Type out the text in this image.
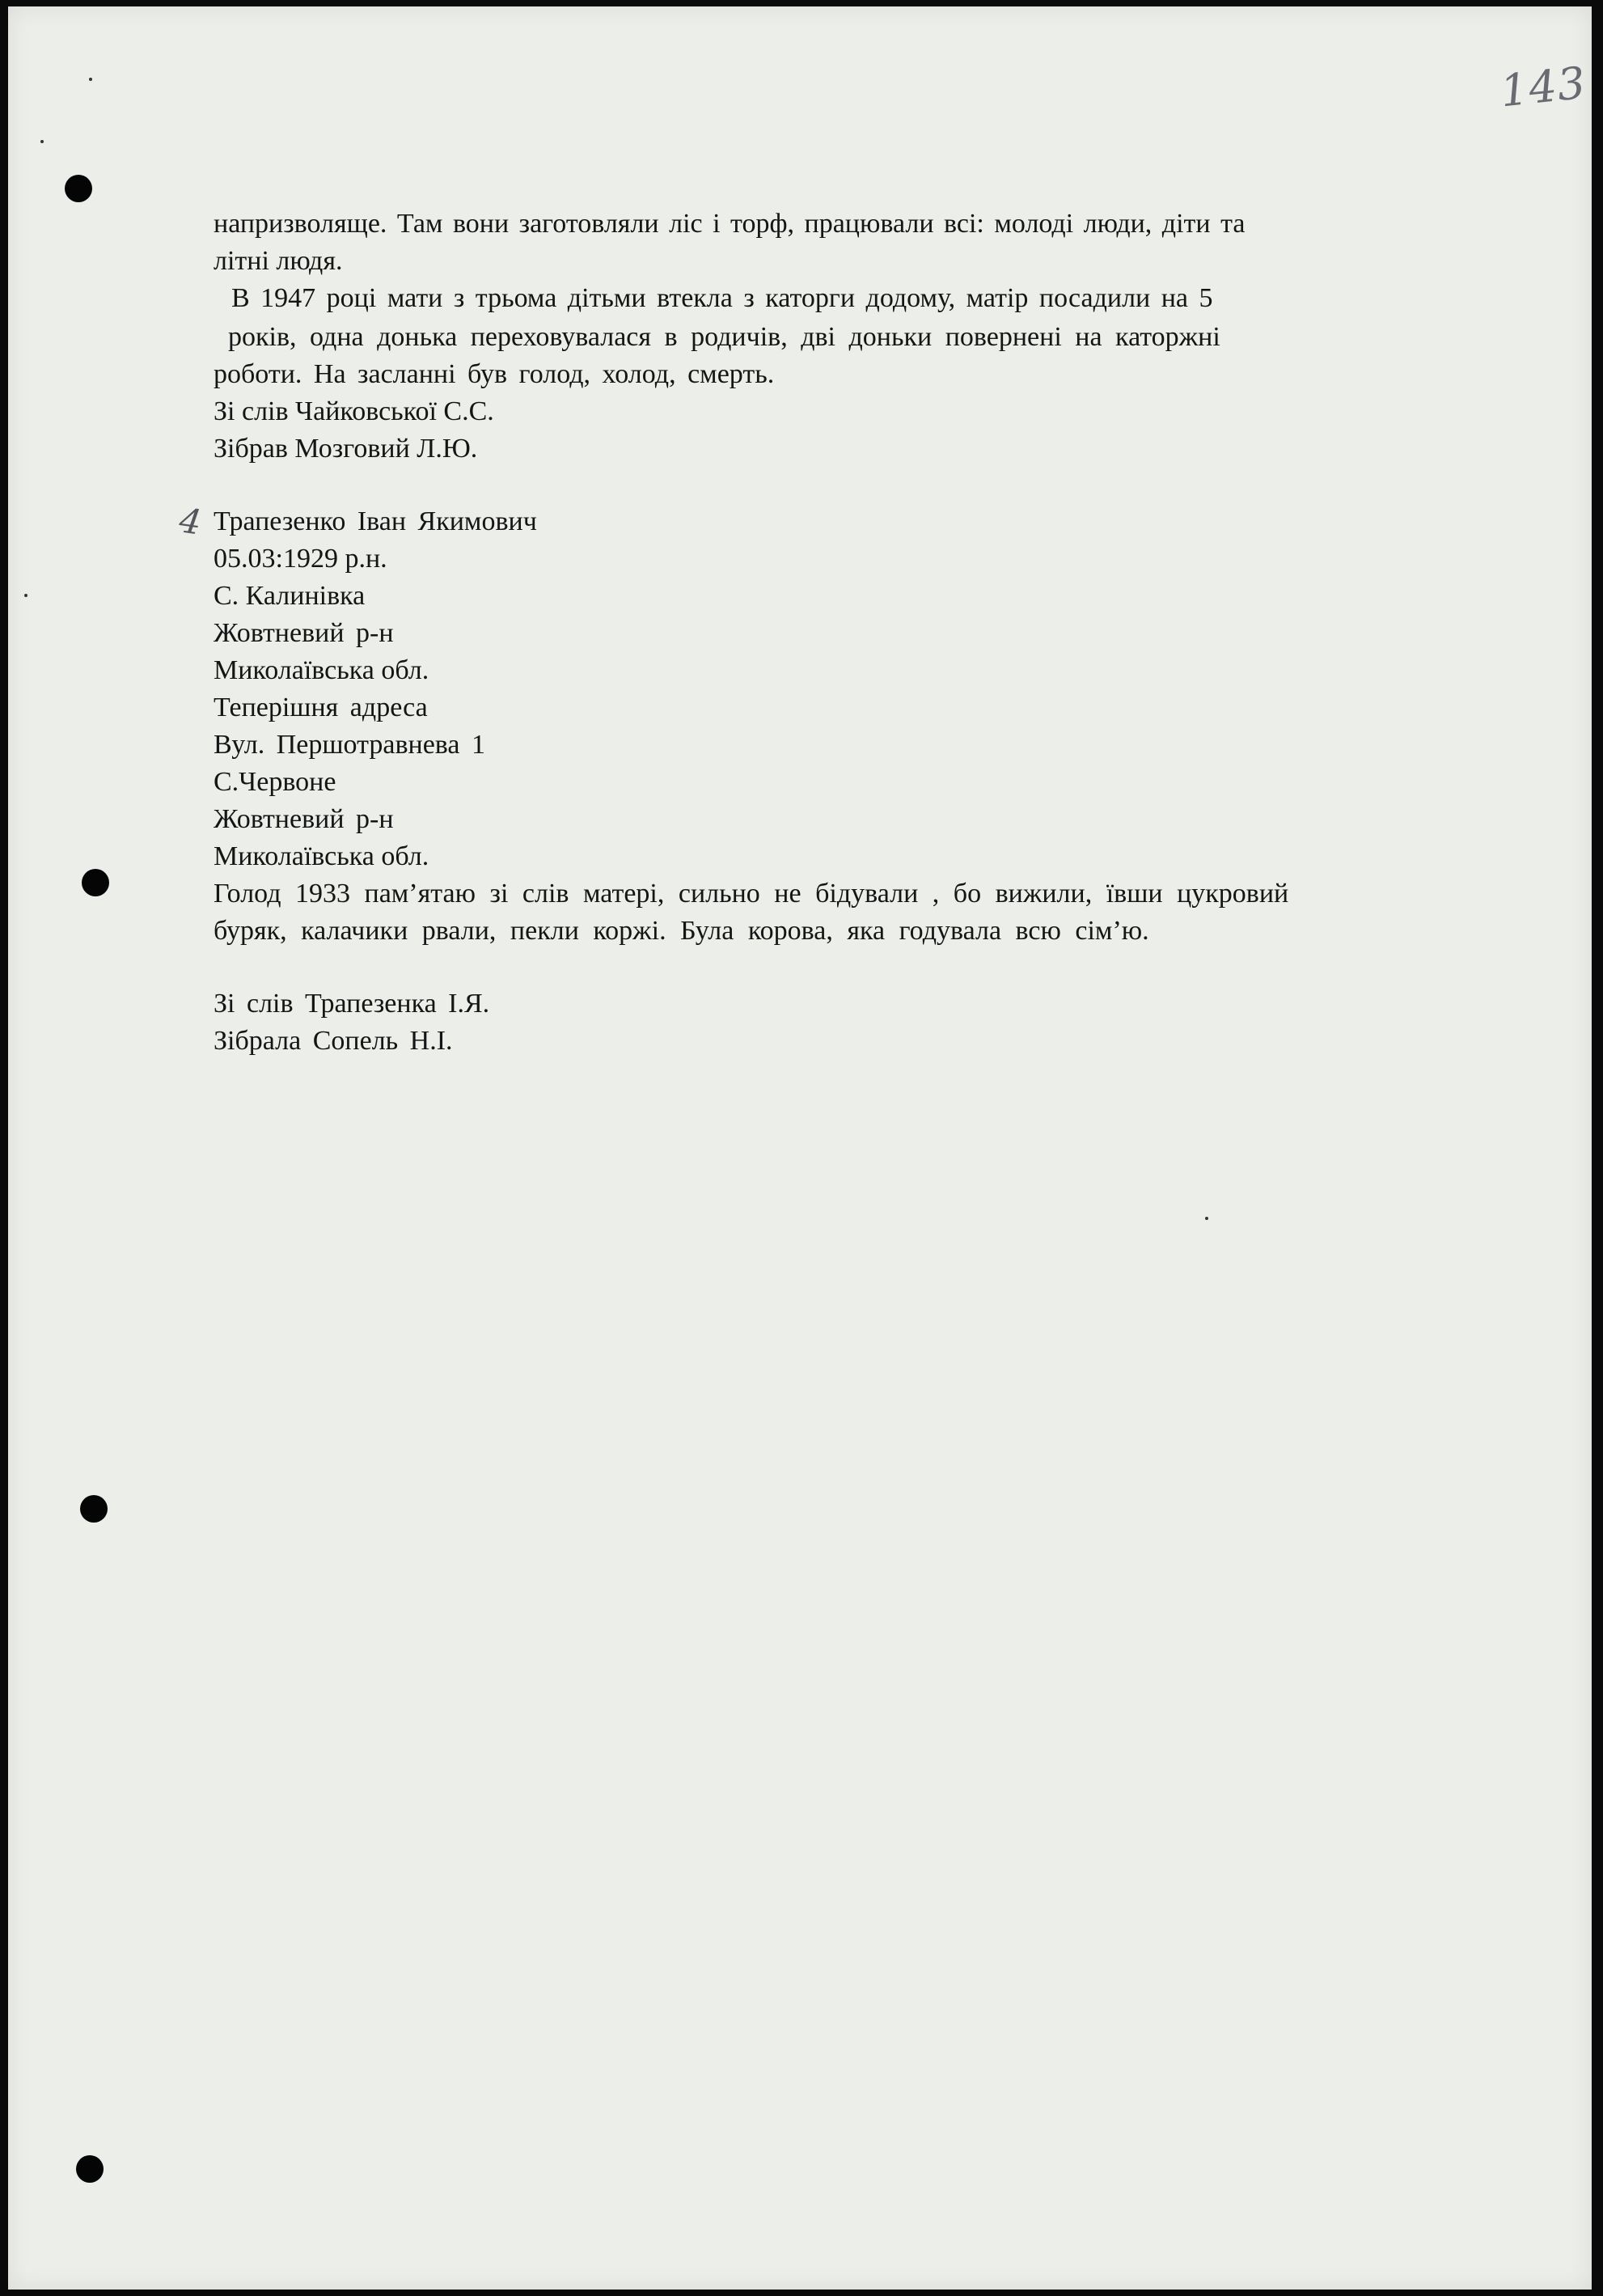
143
4
напризволяще. Там вони заготовляли ліс і торф, працювали всі: молоді люди, діти та
літні людя.
В 1947 році мати з трьома дітьми втекла з каторги додому, матір посадили на 5
років, одна донька переховувалася в родичів, дві доньки повернені на каторжні
роботи. На засланні був голод, холод, смерть.
Зі слів Чайковської С.С.
Зібрав Мозговий Л.Ю.
Трапезенко Іван Якимович
05.03:1929 р.н.
С. Калинівка
Жовтневий р-н
Миколаївська обл.
Теперішня адреса
Вул. Першотравнева 1
С.Червоне
Жовтневий р-н
Миколаївська обл.
Голод 1933 пам’ятаю зі слів матері, сильно не бідували , бо вижили, ївши цукровий
буряк, калачики рвали, пекли коржі. Була корова, яка годувала всю сім’ю.
Зі слів Трапезенка І.Я.
Зібрала Сопель Н.І.
